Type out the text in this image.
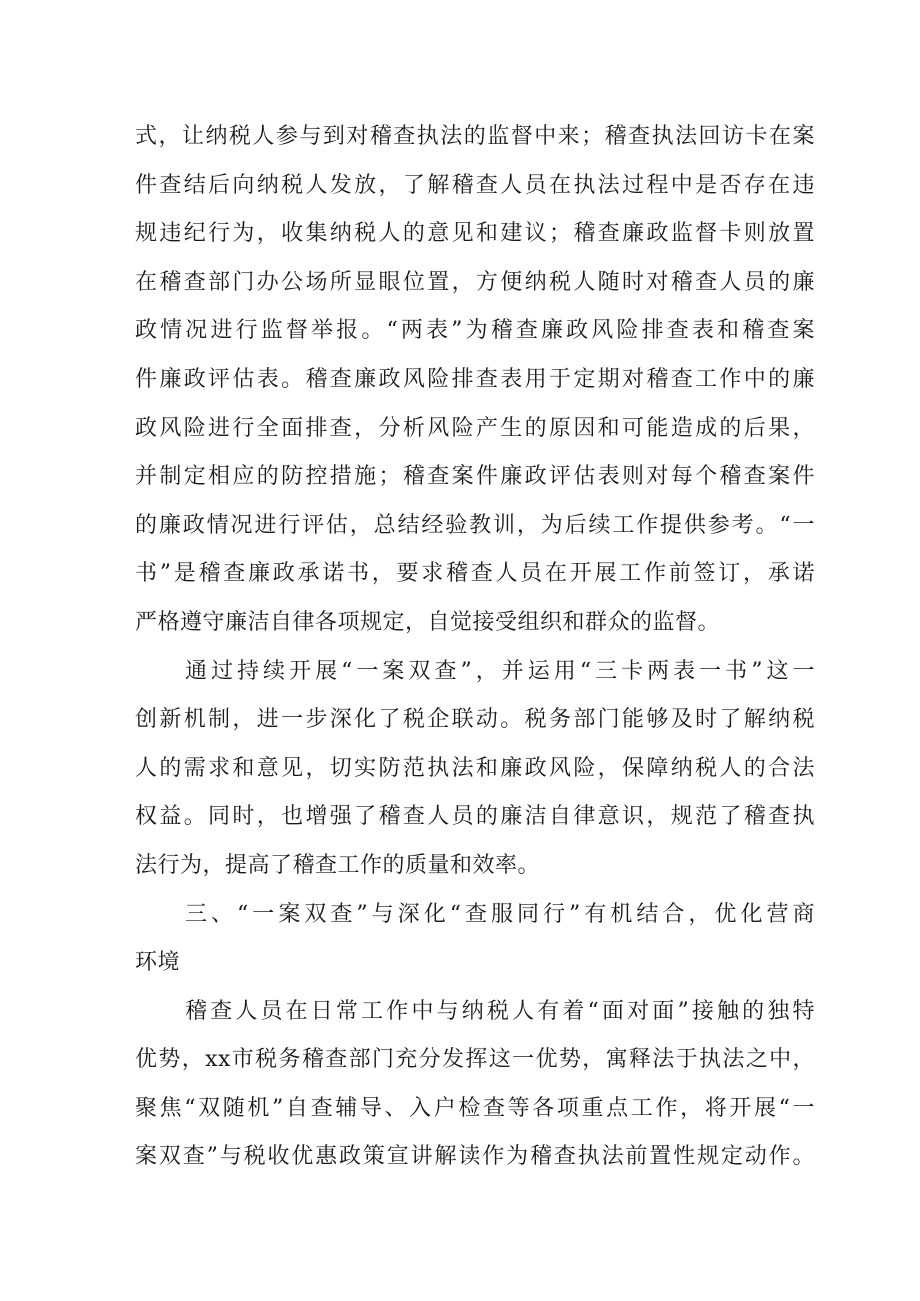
式，让纳税人参与到对稽查执法的监督中来；稽查执法回访卡在案
件查结后向纳税人发放，了解稽查人员在执法过程中是否存在违
规违纪行为，收集纳税人的意见和建议；稽查廉政监督卡则放置
在稽查部门办公场所显眼位置，方便纳税人随时对稽查人员的廉
政情况进行监督举报。“两表”为稽查廉政风险排查表和稽查案
件廉政评估表。稽查廉政风险排查表用于定期对稽查工作中的廉
政风险进行全面排查，分析风险产生的原因和可能造成的后果，
并制定相应的防控措施；稽查案件廉政评估表则对每个稽查案件
的廉政情况进行评估，总结经验教训，为后续工作提供参考。“一
书”是稽查廉政承诺书，要求稽查人员在开展工作前签订，承诺
严格遵守廉洁自律各项规定，自觉接受组织和群众的监督。
通过持续开展“一案双查”，并运用“三卡两表一书”这一
创新机制，进一步深化了税企联动。税务部门能够及时了解纳税
人的需求和意见，切实防范执法和廉政风险，保障纳税人的合法
权益。同时，也增强了稽查人员的廉洁自律意识，规范了稽查执
法行为，提高了稽查工作的质量和效率。
三、“一案双查”与深化“查服同行”有机结合，优化营商
环境
稽查人员在日常工作中与纳税人有着“面对面”接触的独特
优势，xx市税务稽查部门充分发挥这一优势，寓释法于执法之中，
聚焦“双随机”自查辅导、入户检查等各项重点工作，将开展“一
案双查”与税收优惠政策宣讲解读作为稽查执法前置性规定动作。
